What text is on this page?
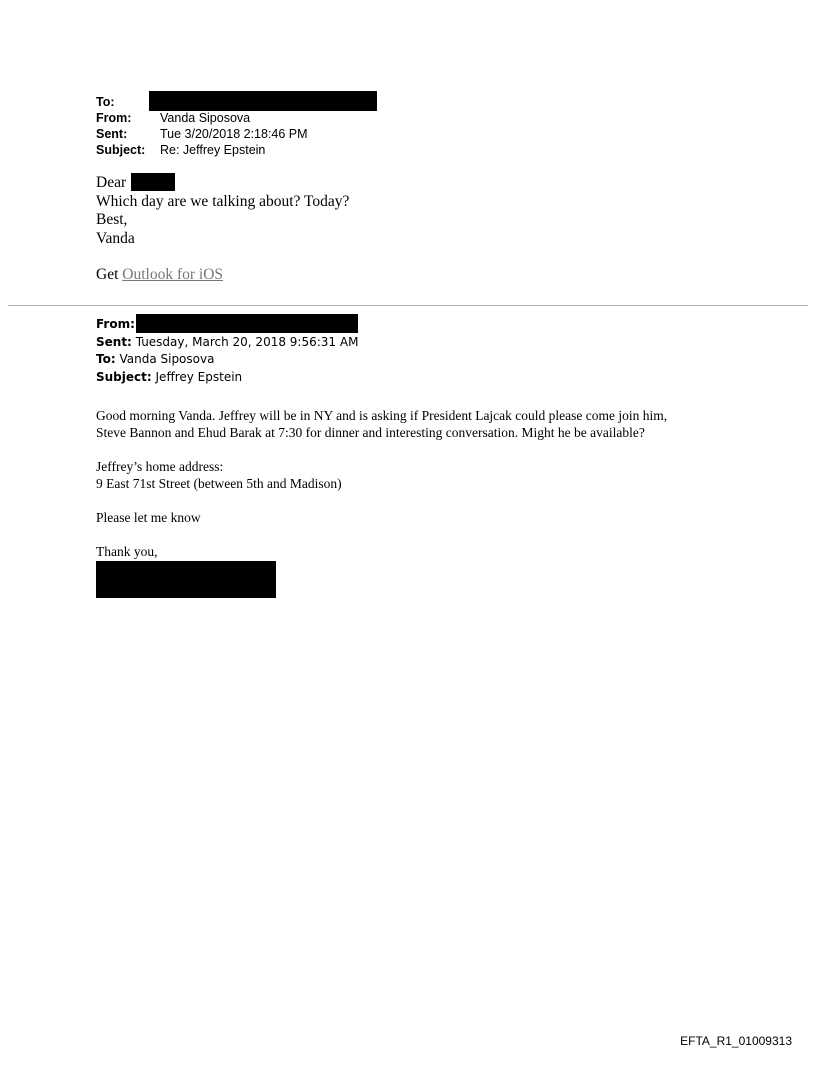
To:
From: Vanda Siposova
Sent:	Tue 3/20/2018 2:18:46 PM
Subject: Re: Jeffrey Epstein
Dear
Which day are we talking about? Today?
Best,
Vanda
Get Outlook for iOS
From:
Sent: Tuesday, March 20, 2018 9:56:31 AM
To: Vanda Siposova
Subject: Jeffrey Epstein
Good morning Vanda. Jeffrey will be in NY and is asking if President Lajcak could please come join him,
Steve Bannon and Ehud Barak at 7:30 for dinner and interesting conversation. Might he be available?
Jeffrey’s home address:
9 East 71st Street (between 5th and Madison)
Please let me know
Thank you,
EFTA_R1_01009313
